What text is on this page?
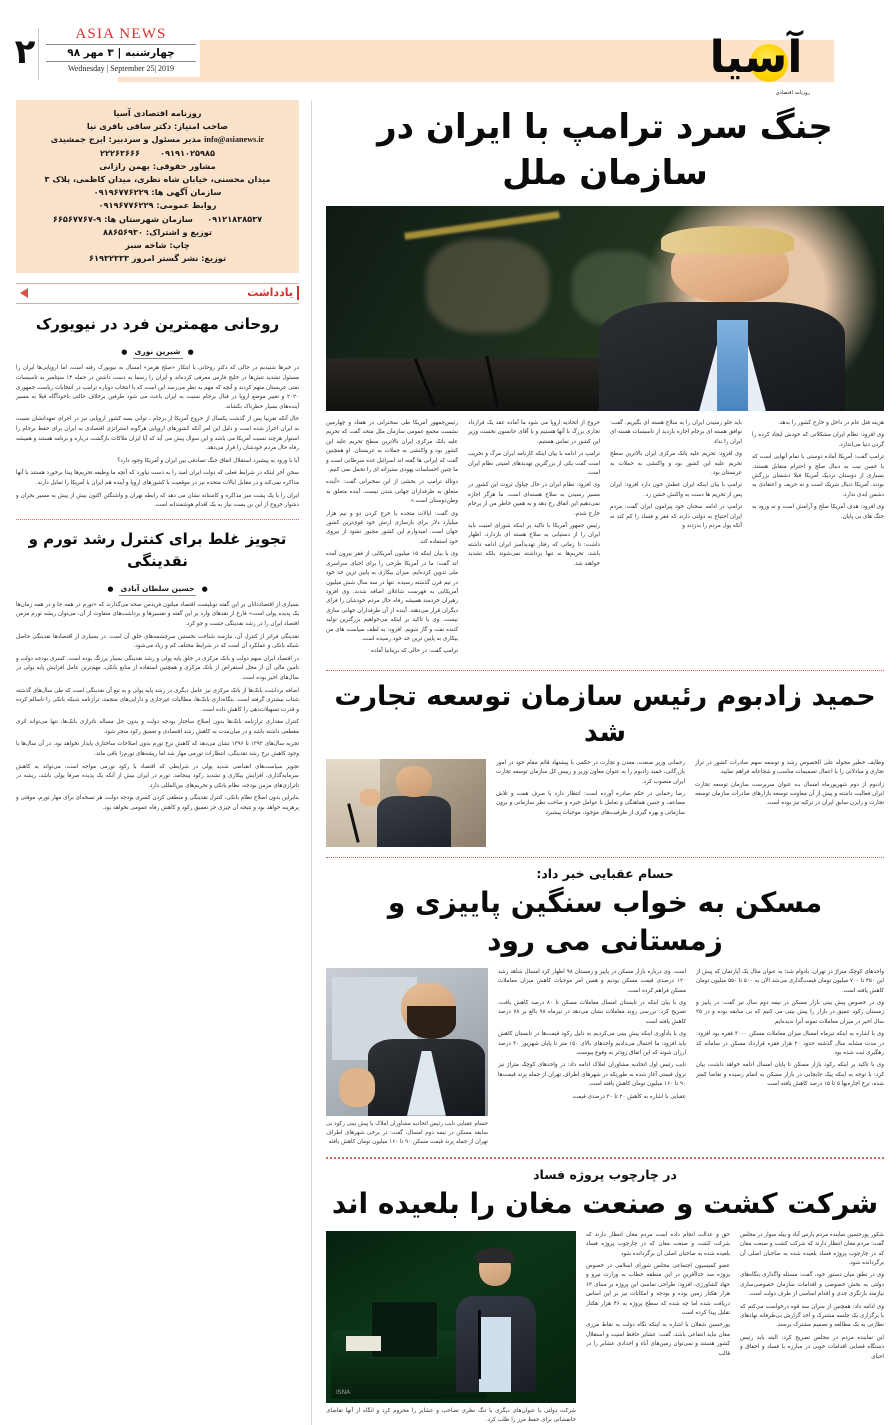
آسیا
روزنامه اقتصادی
ASIA NEWS
چهارشنبه | ۳ مهر ۹۸
Wednesday | September 25| 2019
۲
جنگ سرد ترامپ با ایران در سازمان ملل

هزینه قتل عام در داخل و خارج کشور را بدهد.

وی افزود: نظام ایران مشکلاتی که خودش ایجاد کرده را گردن دنیا می‌اندازد.

ترامپ گفت: آمریکا آماده دوستی با تمام آنهایی است که با حسن نیت به دنبال صلح و احترام متقابل هستند. بسیاری از دوستان نزدیک آمریکا قبلا دشمنان بزرگش بودند. آمریکا دنبال شریک است و نه حریف و اعتقادی به دشمن ابدی ندارد.

وی افزود: هدف آمریکا صلح و آرامش است و نه ورود به جنگ های بی پایان.

باید جلو رسیدن ایران را به سلاح هسته ای بگیریم. گفت: توافق هسته ای برجام اجازه بازدید از تاسیسات هسته ای ایران را نداد

وی افزود: تحریم علیه بانک مرکزی ایران بالاترین سطح تحریم علیه این کشور بود و واکنشی به حملات به عربستان بود.

ترامپ با بیان اینکه ایران عطش خون دارد افزود: ایران پس از تحریم ها دست به واکنش خشن زد.

ترامپ در ادامه سخنان خود پیرامون ایران گفت: مردم ایران احتیاج به دولتی دارند که فقر و فساد را کم کند نه آنکه پول مردم را بدزدند و

خروج از اتحادیه اروپا می شود ما آماده عقد یک قرارداد تجاری بزرگ با آنها هستیم و با آقای جانسون نخست وزیر این کشور در تماس هستیم.

ترامپ در ادامه با بیان اینکه کارنامه ایران مرگ و تخریب است گفت یکی از بزرگترین تهدیدهای امنیتی نظام ایران است.

وی افزود: نظام ایران در حال چپاول ثروت این کشور در مسیر رسیدن به سلاح هسته‌ای است. ما هرگز اجازه نمی‌دهیم این اتفاق رخ دهد و به همین خاطر من از برجام خارج شدم.

رئیس جمهور آمریکا با تاکید بر اینکه شورای امنیت باید ایران را از دستیابی به سلاح هسته ای بازدارد، اظهار داشت: تا زمانی که رفتار تهدیدآمیز ایران ادامه داشته باشد، تحریم‌ها نه تنها برداشته نمی‌شوند بلکه تشدید خواهند شد.

رئیس‌جمهور آمریکا طی سخنرانی در هفتاد و چهارمین نشست مجمع عمومی سازمان ملل متحد گفت که تحریم علیه بانک مرکزی ایران بالاترین سطح تحریم علیه این کشور بود و واکنشی به حملات به عربستان. او همچنین گفت که ایرانی ها گفته اند اسرائیل غده سرطانی است و ما چنین احساسات یهودی ستیزانه ای را تحمل نمی کنیم.

دونالد ترامپ در بخشی از این سخنرانی گفت: «آینده متعلق به طرفداران جهانی شدن نیست. آینده متعلق به وطن‌دوستان است.»

وی گفت: ایالات متحده با خرج کردن دو و نیم هزار میلیارد دلار برای بازسازی ارتش خود قوی‌ترین کشور جهان است. امیدوارم این کشور مجبور نشود از نیروی خود استفاده کند.

وی با بیان اینکه ۱۵ میلیون آمریکایی از فقر بیرون آمده اند گفت: ما در آمریکا طرحی را برای احیای سراسری ملی تدوین کرده‌ایم. میزان بیکاری به پایین ترین حد خود در نیم قرن گذشته رسیده. تنها در سه سال شش میلیون آمریکایی به فهرست شاغلان اضافه شدند. وی افزود رهبران خردمند همیشه رفاه حال مردم خودشان را فرای دیگران قرار می‌دهند. آینده از آن طرفداران جهانی سازی نیست. وی با تاکید بر اینکه می‌خواهیم بزرگترین تولید کننده نفت و گاز شویم. افزود: به لطف سیاست های من بیکاری به پایین ترین حد خود رسیده است.

ترامپ گفت: در حالی که بریتانیا آماده

حمید زادبوم رئیس سازمان توسعه تجارت شد

وظایف خطیر محوله علی الخصوص رشد و توسعه سهم صادرات کشور در تراز تجاری و مبادلاتی را با اعمال تصمیمات مناسب و شجاعانه فراهم نمایید.

زادبوم از دوم شهریورماه امسال بـه عنوان سرپرست سازمان توسعه تجارت ایران فعالیت داشته و پیش از آن معاونت توسعه بازارهای صادرات سازمان توسعه تجارت و رایزن سابق ایران در ترکیه نیز بوده است.

رحمانی وزیر صنعت، معدن و تجارت در حکمی با پیشنهاد قائم مقام خود در امور بازرگانی، حمید زادبوم را به عنوان معاون وزیر و رییس کل سازمان توسعه تجارت ایران منصوب کرد.

رضا رحمانی در حکم صادره آورده است: انتظار دارد با صرف همت و تلاش مضاعف و حسن هماهنگی و تعامل با عوامل خبره و صاحب نظر سازمانی و برون سازمانی و بهره گیری از ظرفیت‌های موجود، موجبات پیشبرد

حسام عقبایی خبر داد:
مسکن به خواب سنگین پاییزی و زمستانی می رود

واحدهای کوچک متراژ در تهران، بادوام شد؛ به عنوان مثال یک آپارتمان که پیش از این ۴۵۰ تا ۷۰۰ میلیون تومان قیمت‌گذاری می‌شد الان به ۵۰۰ تا ۵۵۰ میلیون تومان کاهش یافته است.

وی در خصوص پیش بینی بازار مسکن در نیمه دوم سال نیز گفت: در پاییز و زمستان رکود عمیق در بازار را پیش بینی می کنیم که بی سابقه بوده و در ۲۵ سال اخیر در میزان معاملات نمونه آنرا ندیده‌ایم.

وی با اشاره به اینکه تیرماه امسال میزان معاملات مسکن ۳۰۰۰ فقره بود افزود: در مدت مشابه سال گذشته حدود ۲۰ هزار فقره قرارداد مسکن در سامانه کد رهگیری ثبت شده بود

وی با تاکید بر اینکه رکود بازار مسکن تا پایان امسال ادامه خواهد داشت، بیان کرد: با توجه به اینکه پیک جابجایی در بازار مسکن به اتمام رسیده و تقاضا کمتر شده، نرخ اجاره‌بها ۵ تا ۱۵ درصد کاهش یافته است

است. وی درباره بازار مسکن در پاییز و زمستان ۹۸ اظهار کرد امسال شاهد رشد ۱۲۰ درصدی قیمت مسکن بودیم و همین امر موجبات کاهش میزان معاملات مسکن فراهم کرده است.

وی با بیان اینکه در تابستان امسال معاملات مسکن تا ۸۰ درصد کاهش یافت، تصریح کرد: بررسی روند معاملات نشان می‌دهد در تیرماه ۹۸ بالغ بر ۷۸ درصد کاهش یافته است

وی با یادآوری اینکه پیش بینی می‌کردیم به دلیل رکود قیمت‌ها در تابستان کاهش یابد افزود: ما احتمال می‌دادیم واحدهای بالای ۱۵۰ متر تا پایان شهریور ۳۰ درصد ارزان شوند که این اتفاق زودتر به وقوع پیوست.

نایب رئیس اول اتحادیه مشاوران املاک ادامه داد: در واحدهای کوچک متراژ نیز نزول قیمتی آغاز شده به طوریکه در شهرهای اطراف تهران از جمله پرند قیمت‌ها ۹۰ تا ۱۶۰ میلیون تومان کاهش یافته است.

عقبایی با اشاره به کاهش ۲۰ تا ۳۰ درصدی قیمت

حسام عقبایی نایب رئیس اتحادیه مشاوران املاک با پیش بینی رکود بی سابقه مسکن در نیمه دوم امسال، گفت: در برخی شهرهای اطراف تهران از جمله پرند قیمت مسکن ۹۰ تا ۱۶۰ میلیون تومان کاهش یافته
در چارچوب پروژه فساد
شرکت کشت و صنعت مغان را بلعیده اند

شکور پورحسین نماینده مردم پارس آباد و بیله سوار در مجلس گفت: مردم مغان انتظار دارند که شرکت کشت و صنعت مغان که در چارچوب پروژه فساد بلعیده شده به صاحبان اصلی آن برگردانده شود.

وی در نطق میان دستور خود، گفت: مسئله واگذاری بنگاه‌های دولتی به بخش خصوصی و اقدامات سازمان خصوصی‌سازی نیازمند بازنگری جدی و اقدام اساسی از طرف دولت است.

وی ادامه داد: همچنین از سران سه قوه درخواست می‌کنم که با برگزاری یک جلسه مشترک و اخذ گزارش بی‌طرفانه نهادهای نظارتی به یک مطالعه و تصمیم مشترک برسند.

این نماینده مردم در مجلس تصریح کرد: البته باید رئیس دستگاه قضایی اقدامات خوبی در مبارزه با فساد و احقاق و احیای

حق و عدالت انجام داده است مردم مغان انتظار دارند که شرکت کشت و صنعت مغان که در چارچوب پروژه فساد بلعیده شده به صاحبان اصلی آن برگردانده شود

عضو کمیسیون اجتماعی مجلس شورای اسلامی در خصوص پروژه سد خداآفرین در این منطقه خطاب به وزارت نیرو و جهاد کشاورزی، افزود: طراحی تماسی این پروژه بر مبنای ۶۳ هزار هکتار زمین بوده و بودجه و امکانات نیز بر این اساس دریافت شده اما چه شده که سطح پروژه به ۴۶ هزار هکتار تقلیل پیدا کرده است

پورحسین شقلان با اشاره به اینکه نگاه دولت به نقاط مرزی مغان نباید انتفاعی باشد، گفت: عشایر حافظ امنیت و استقلال کشور هستند و نمی‌توان زمین‌های آباء و اجدادی عشایر را در قالب

ISNA
شرکت دولتی یا عنوان‌های دیگری با تنگ نظری تصاحب و عشایر را محروم کرد و انگاه از آنها تقاضای جانفشانی برای حفظ مرز را طلب کرد.
روزنامه اقتصادی آسیا
صاحب امتیاز: دکتر ساقی باقری نیا
info@asianews.ir مدیر مسئول و سردبیر: ایرج جمشیدی
۰۹۱۹۱۰۲۵۹۸۵       ۲۲۲۶۳۶۶۶
مشاور حقوقی: بهمن رازانی
میدان محسنی، خیابان شاه نظری، میدان کاظمی، پلاک ۳
سازمان آگهی ها: ۰۹۱۹۶۷۷۶۲۲۹
روابط عمومی: ۰۹۱۹۶۷۷۶۲۲۹
۰۹۱۲۱۸۳۸۵۳۷     سازمان شهرستان ها: ۹-۶۶۵۶۷۷۶۷
توزیع و اشتراک: ۸۸۶۵۶۹۳۰
چاپ: شاخه سبز
توزیع: نشر گستر امروز ۶۱۹۳۲۳۳۳
یادداشت
روحانی مهمترین فرد در نیویورک
● شیرین نوری ●

در خبرها شنیدیم در حالی که دکتر روحانی با ابتکار «صلح هرمز» امسال به نیویورک رفته است، اما اروپایی‌ها ایران را مسئول تشدید تنش‌ها در خلیج فارس معرفی کرده‌اند و ایران را رسما به دست داشتن در حمله ۱۴ سپتامبر به تاسیسات نفتی عربستان متهم کردند و آنچه که مهم به نظر می‌رسد این است که با انتخاب دوباره ترامپ در انتخابات ریاست جمهوری ۲۰۲۰ و تغییر موضع اروپا در قبال برجام نسبت به ایران باعث می شود طرفین برخلاف حالتی باخودآگاه قبلا به مسیر آینده‌های بسیار خطرناک بکشاند.

حال آنکه تقریبا پس از گذشت یکسال از خروج آمریکا از برجام ، توانی بسه کشور اروپایی نیز در اجرای تعهداتشان نسبت به ایران احراز شده است و دلیل این امر آنکه کشورهای اروپایی هرگونه استراتژی اقتصادی به ایران برای حفظ برجام را استوار هرچند نسبت آمریکا می باشد و این سوال پیش می آید که آیا ایران ملاکات بازگشت درباره و برنامه هستند و همیشه رفاه حال مردم خودشان را قرار می‌دهد.

آیا با ورود به پیشبرد استقلال اتفاق جنگ تصادفی بین ایران و آمریکا وجود دارد؟

سخن آخر اینکه در شرایط فعلی که دولت ایران امید را به دست نیاورد که آنچه ما وظیفه تحریم‌ها پیدا برخورد هستند با آنها مذاکره نمی‌کند و در مقابل ایالات متحده نیز در موقعیت با کشورهای اروپا و آینده هم ایران با آمریکا را تمایل دارند.

ایران را با یک پشت میز مذاکره و کاستانه نشان می دهد که رابطه تهران و واشنگتن اکنون بیش از پیش به مسیر بحران و دشوار خروج از این بن بست نیاز به یک اقدام هوشمندانه است.

تجویز غلط برای کنترل رشد تورم و نقدینگی
● حسین سلطان آبادی ●

بسیاری از اقتصاددانان بر این گفته نوبلیست اقتصاد میلتون فریدمن صحه می‌گذارند که «تورم در همه جا و در همه زمان‌ها یک پدیده پولی است» فارغ از تقدهای وارد بر این گفته و تفسیرها و برداشت‌های متفاوت از آن، می‌توان ریشه تورم مزمن اقتصاد ایران را در رشد نقدینگی جست و جو کرد.

نقدینگی فراتر از کنترل آن، نیازمند شناخت نخستین سرچشمه‌های خلق آن است. در بسیاری از اقتصادها نقدینگی حاصل شبکه بانکی و عملکرد آن است که در شرایط مختلف کم و زیاد می‌شود.

در اقتصاد ایران سهم دولت و بانک مرکزی در خلق پایه پولی و رشد نقدینگی بسیار پررنگ بوده است. کسری بودجه دولت و تامین مالی آن از محل استقراض از بانک مرکزی و همچنین استفاده از منابع بانکی، مهم‌ترین عامل افزایش پایه پولی در سال‌های اخیر بوده است.

اضافه برداشت بانک‌ها از بانک مرکزی نیز عامل دیگری در رشد پایه پولی و به تبع آن نقدینگی است که طی سال‌های گذشته شتاب بیشتری گرفته است. بنگاه‌داری بانک‌ها، مطالبات غیرجاری و دارایی‌های منجمد، ترازنامه شبکه بانکی را ناسالم کرده و قدرت تسهیلات‌دهی را کاهش داده است.

کنترل مقداری ترازنامه بانک‌ها بدون اصلاح ساختار بودجه دولت و بدون حل مساله ناترازی بانک‌ها، تنها می‌تواند اثری مقطعی داشته باشد و در میان‌مدت به کاهش رشد اقتصادی و تعمیق رکود منجر شود.

تجربه سال‌های ۱۳۹۲ تا ۱۳۹۶ نشان می‌دهد که کاهش نرخ تورم بدون اصلاحات ساختاری پایدار نخواهد بود. در آن سال‌ها با وجود کاهش نرخ رشد نقدینگی، انتظارات تورمی مهار شد اما ریشه‌های تورم‌زا باقی ماند.

تجویز سیاست‌های انقباضی شدید پولی در شرایطی که اقتصاد با رکود تورمی مواجه است، می‌تواند به کاهش سرمایه‌گذاری، افزایش بیکاری و تشدید رکود بینجامد. تورم در ایران بیش از آنکه یک پدیده صرفا پولی باشد، ریشه در ناترازی‌های مزمن بودجه، نظام بانکی و تحریم‌های بین‌المللی دارد.

بنابراین بدون اصلاح نظام بانکی، کنترل نقدینگی و منطقی کردن کسری بودجه دولت، هر نسخه‌ای برای مهار تورم، موقتی و پرهزینه خواهد بود و نتیجه آن چیزی جز تعمیق رکود و کاهش رفاه عمومی نخواهد بود.
